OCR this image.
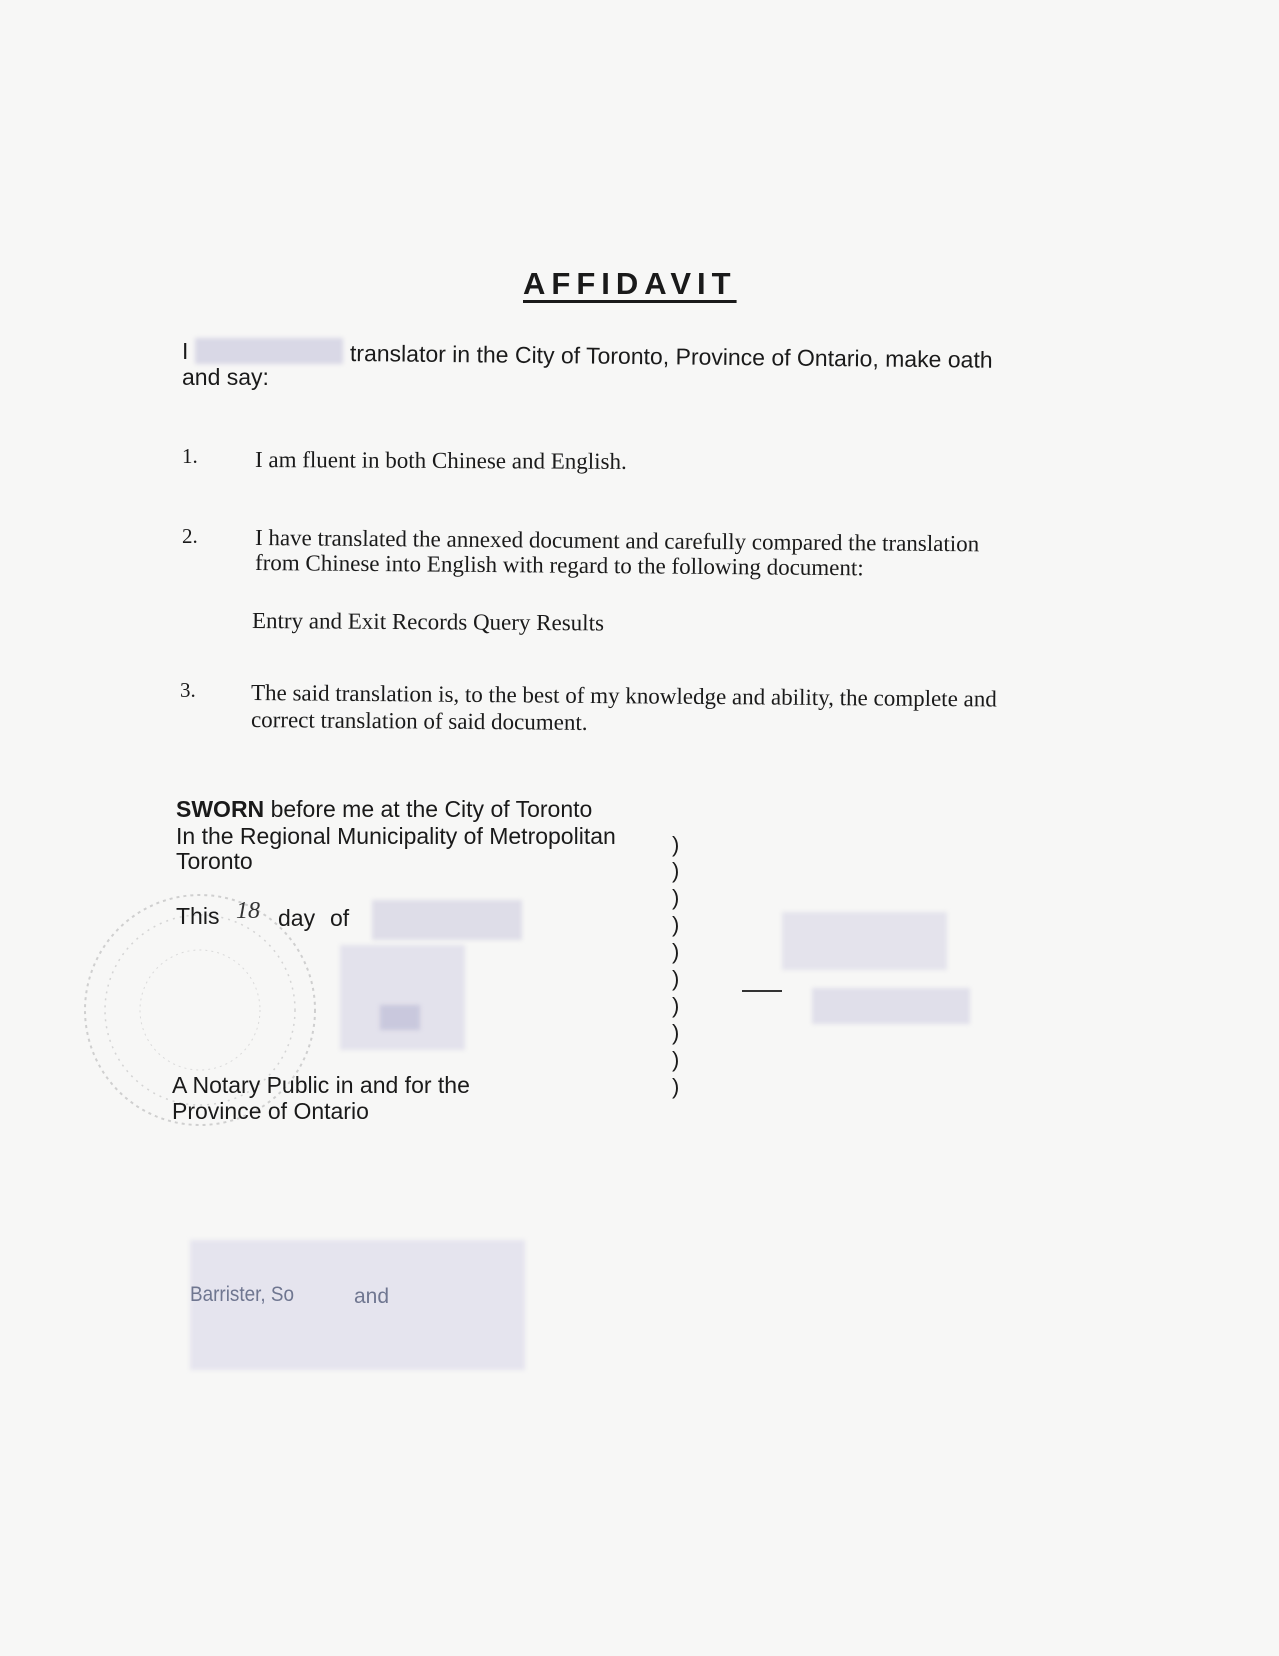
AFFIDAVIT
I	translator in the City of Toronto, Province of Ontario, make oath
and say:
1. I am fluent in both Chinese and English.
2. I have translated the annexed document and carefully compared the translation
from Chinese into English with regard to the following document:
Entry and Exit Records Query Results
3. The said translation is, to the best of my knowledge and ability, the complete and
correct translation of said document.
SWORN before me at the City of Toronto
In the Regional Municipality of Metropolitan
Toronto
This 18 day of
)
)
)
)
)
)
)
)
)
)
A Notary Public in and for the
Province of Ontario
Barrister, So	and
